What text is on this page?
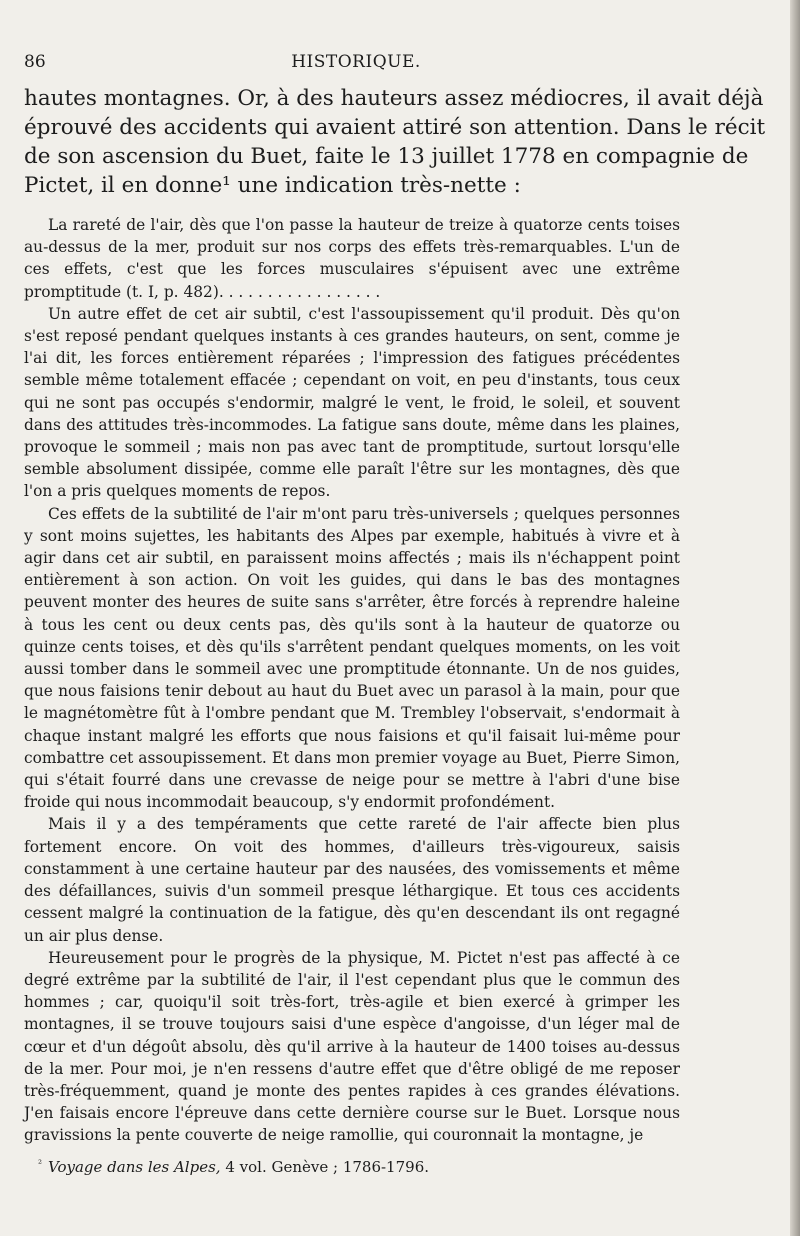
86	HISTORIQUE.
hautes montagnes. Or, à des hauteurs assez médiocres, il avait déjà
éprouvé des accidents qui avaient attiré son attention. Dans le récit
de son ascension du Buet, faite le 13 juillet 1778 en compagnie de
Pictet, il en donne¹ une indication très-nette :

La rareté de l'air, dès que l'on passe la hauteur de treize à quatorze cents toises au-dessus de la mer, produit sur nos corps des effets très-remarquables. L'un de ces effets, c'est que les forces musculaires s'épuisent avec une extrême promptitude (t. I, p. 482). . . . . . . . . . . . . . . . .

Un autre effet de cet air subtil, c'est l'assoupissement qu'il produit. Dès qu'on s'est reposé pendant quelques instants à ces grandes hauteurs, on sent, comme je l'ai dit, les forces entièrement réparées ; l'impression des fatigues précédentes semble même totalement effacée ; cependant on voit, en peu d'instants, tous ceux qui ne sont pas occupés s'endormir, malgré le vent, le froid, le soleil, et souvent dans des attitudes très-incommodes. La fatigue sans doute, même dans les plaines, provoque le sommeil ; mais non pas avec tant de promptitude, surtout lorsqu'elle semble absolument dissipée, comme elle paraît l'être sur les montagnes, dès que l'on a pris quelques moments de repos.

Ces effets de la subtilité de l'air m'ont paru très-universels ; quelques personnes y sont moins sujettes, les habitants des Alpes par exemple, habitués à vivre et à agir dans cet air subtil, en paraissent moins affectés ; mais ils n'échappent point entièrement à son action. On voit les guides, qui dans le bas des montagnes peuvent monter des heures de suite sans s'arrêter, être forcés à reprendre haleine à tous les cent ou deux cents pas, dès qu'ils sont à la hauteur de quatorze ou quinze cents toises, et dès qu'ils s'arrêtent pendant quelques moments, on les voit aussi tomber dans le sommeil avec une promptitude étonnante. Un de nos guides, que nous faisions tenir debout au haut du Buet avec un parasol à la main, pour que le magnétomètre fût à l'ombre pendant que M. Trembley l'observait, s'endormait à chaque instant malgré les efforts que nous faisions et qu'il faisait lui-même pour combattre cet assoupissement. Et dans mon premier voyage au Buet, Pierre Simon, qui s'était fourré dans une crevasse de neige pour se mettre à l'abri d'une bise froide qui nous incommodait beaucoup, s'y endormit profondément.

Mais il y a des tempéraments que cette rareté de l'air affecte bien plus fortement encore. On voit des hommes, d'ailleurs très-vigoureux, saisis constamment à une certaine hauteur par des nausées, des vomissements et même des défaillances, suivis d'un sommeil presque léthargique. Et tous ces accidents cessent malgré la continuation de la fatigue, dès qu'en descendant ils ont regagné un air plus dense.

Heureusement pour le progrès de la physique, M. Pictet n'est pas affecté à ce degré extrême par la subtilité de l'air, il l'est cependant plus que le commun des hommes ; car, quoiqu'il soit très-fort, très-agile et bien exercé à grimper les montagnes, il se trouve toujours saisi d'une espèce d'angoisse, d'un léger mal de cœur et d'un dégoût absolu, dès qu'il arrive à la hauteur de 1400 toises au-dessus de la mer. Pour moi, je n'en ressens d'autre effet que d'être obligé de me reposer très-fréquemment, quand je monte des pentes rapides à ces grandes élévations. J'en faisais encore l'épreuve dans cette dernière course sur le Buet. Lorsque nous gravissions la pente couverte de neige ramollie, qui couronnait la montagne, je

$^{^2}$ Voyage dans les Alpes, 4 vol. Genève ; 1786-1796.
